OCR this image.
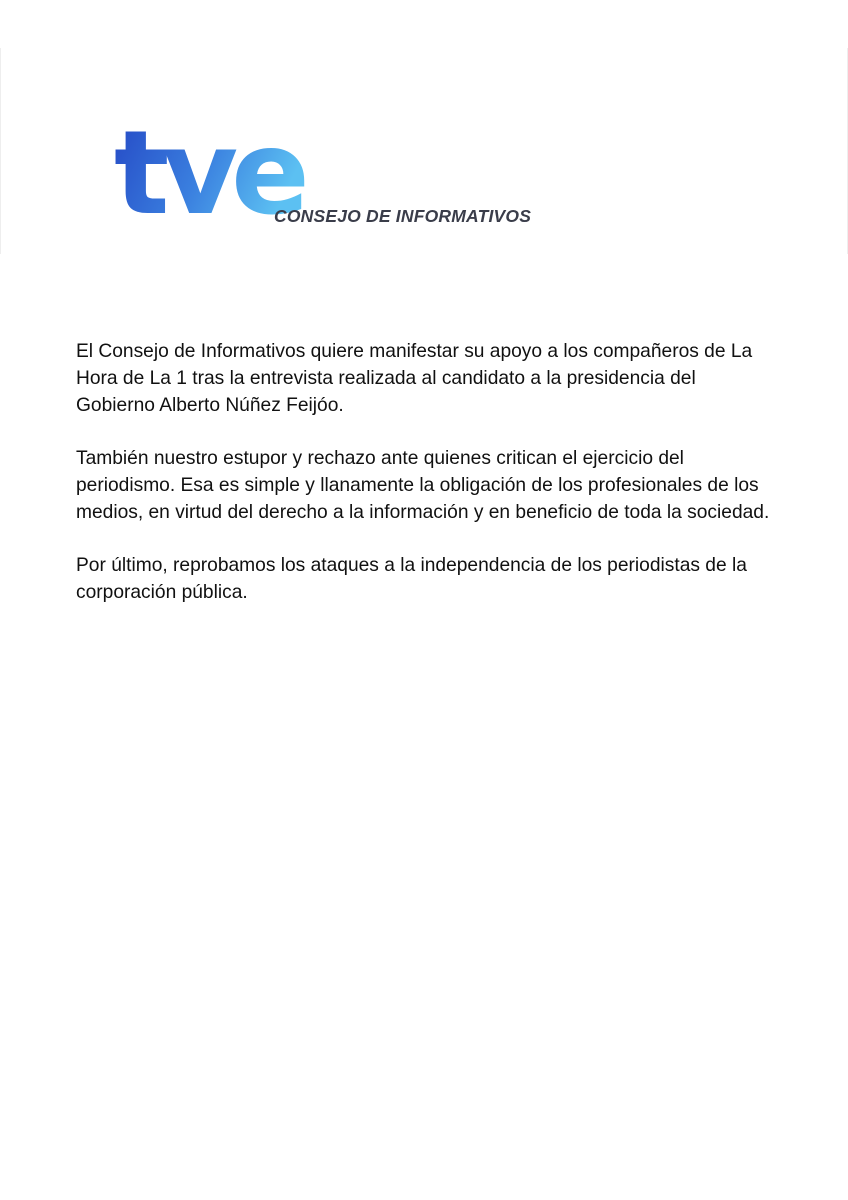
tve
CONSEJO DE INFORMATIVOS

El Consejo de Informativos quiere manifestar su apoyo a los compañeros de La Hora de La 1 tras la entrevista realizada al candidato a la presidencia del Gobierno Alberto Núñez Feijóo.

También nuestro estupor y rechazo ante quienes critican el ejercicio del periodismo. Esa es simple y llanamente la obligación de los profesionales de los medios, en virtud del derecho a la información y en beneficio de toda la sociedad.

Por último, reprobamos los ataques a la independencia de los periodistas de la corporación pública.
